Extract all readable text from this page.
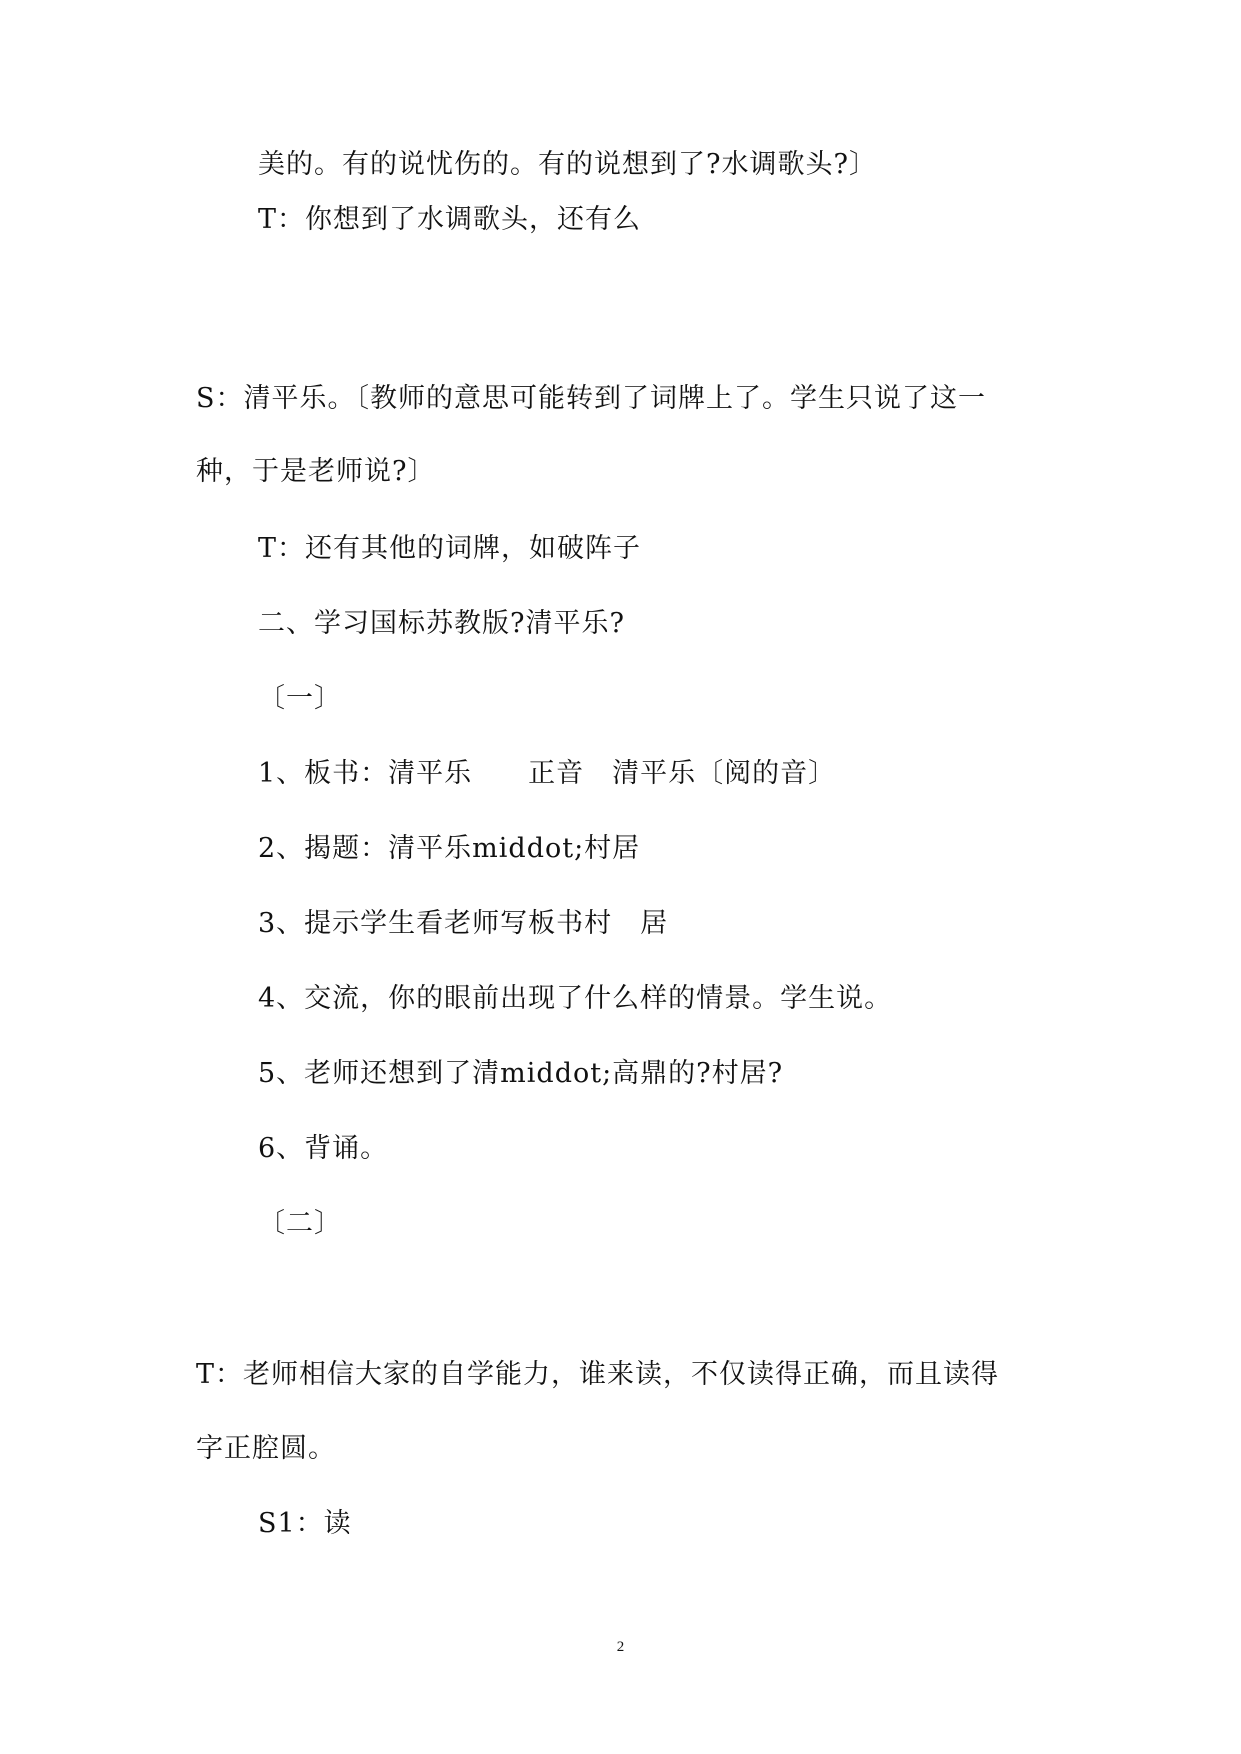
美的。有的说忧伤的。有的说想到了?水调歌头?〕
T：你想到了水调歌头，还有么
S：清平乐。〔教师的意思可能转到了词牌上了。学生只说了这一
种，于是老师说?〕
T：还有其他的词牌，如破阵子
二、学习国标苏教版?清平乐?
〔一〕
1、板书：清平乐　　正音　清平乐〔阅的音〕
2、揭题：清平乐middot;村居
3、提示学生看老师写板书村　居
4、交流，你的眼前出现了什么样的情景。学生说。
5、老师还想到了清middot;高鼎的?村居?
6、背诵。
〔二〕
T：老师相信大家的自学能力，谁来读，不仅读得正确，而且读得
字正腔圆。
S1：读
2
